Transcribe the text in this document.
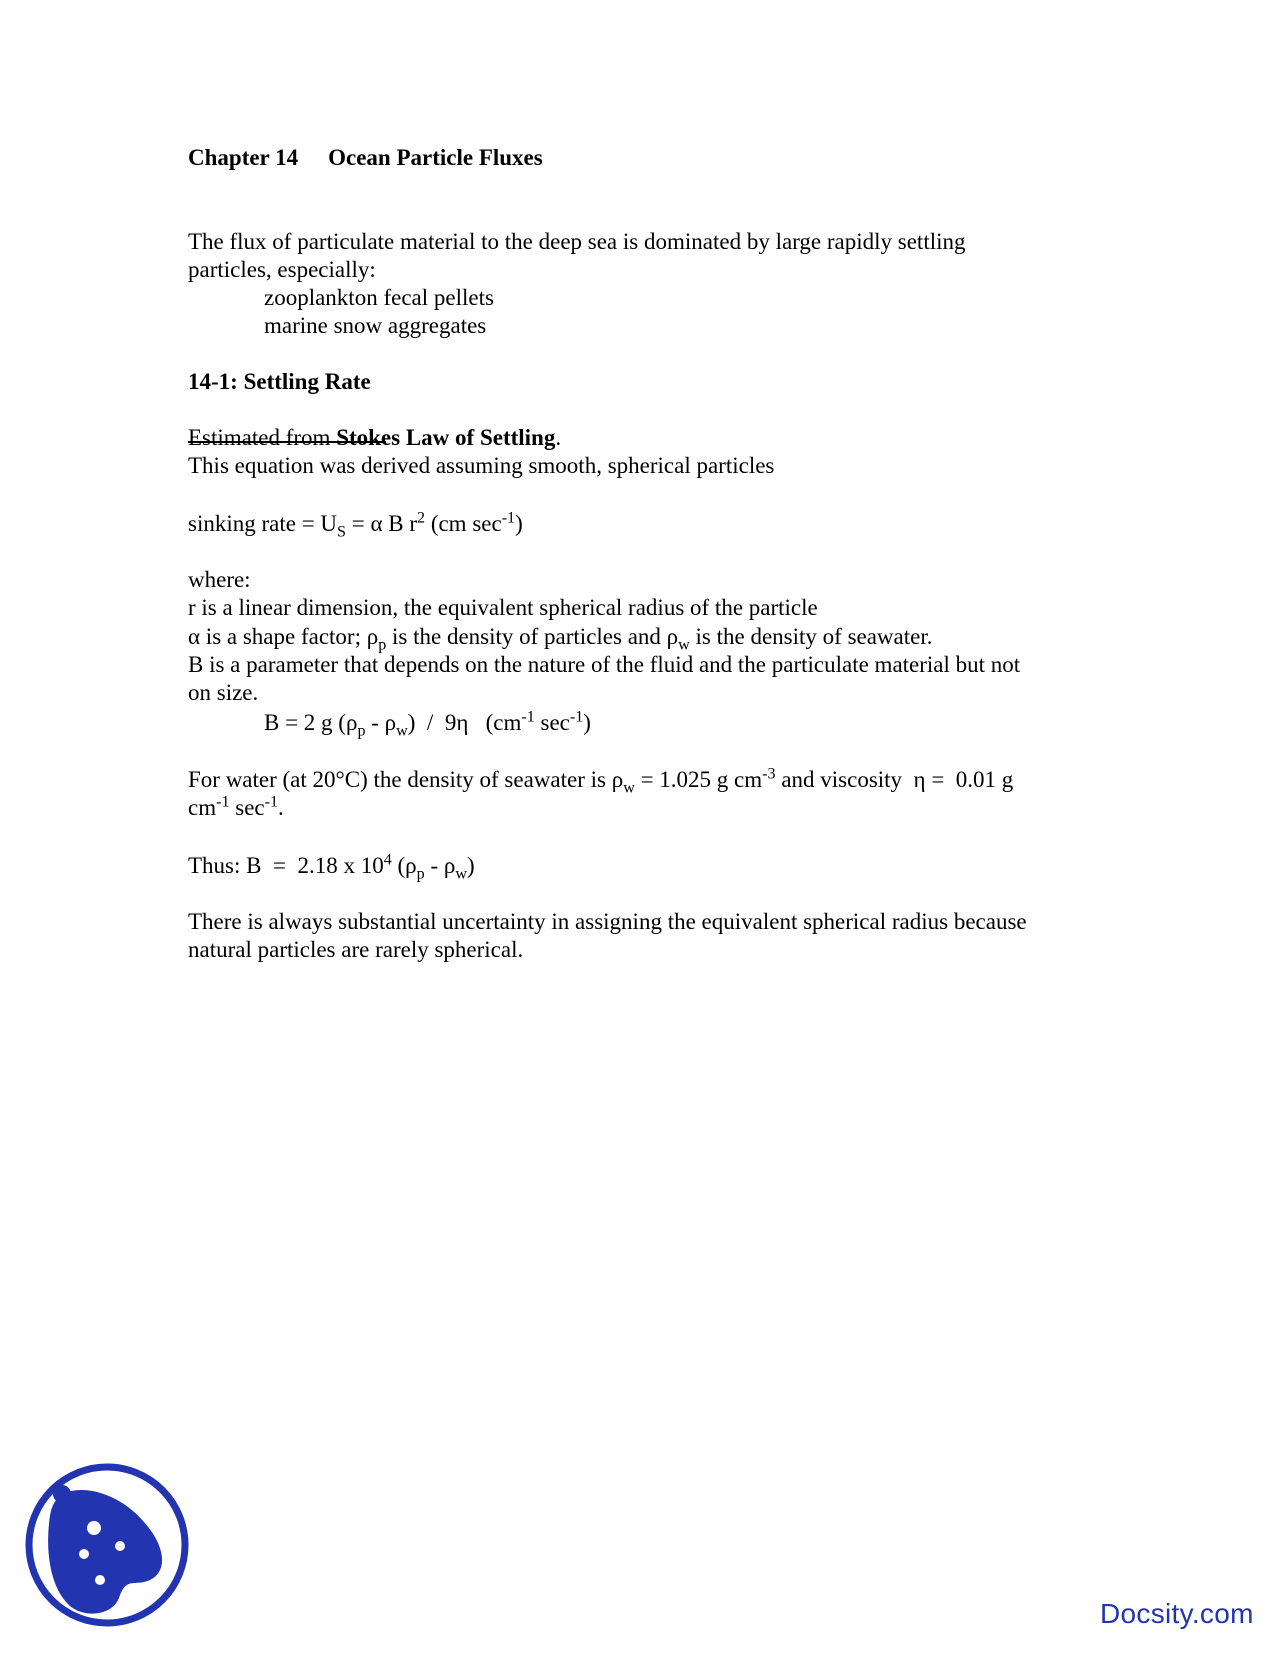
Chapter 14 Ocean Particle Fluxes
The flux of particulate material to the deep sea is dominated by large rapidly settling
particles, especially:
zooplankton fecal pellets
marine snow aggregates
14-1: Settling Rate
Estimated from Stokes Law of Settling.
This equation was derived assuming smooth, spherical particles
sinking rate = $U_S = \alpha$ B $r^2$ (cm $\sec^{-1}$)
where:
r is a linear dimension, the equivalent spherical radius of the particle
α is a shape factor; $\rho_p$ is the density of particles and $\rho_w$ is the density of seawater.
B is a parameter that depends on the nature of the fluid and the particulate material but not
on size.
B = 2 g $(\rho_p - \rho_w) / 9\eta$   ($cm^{-1}$ $\sec^{-1}$)
For water (at 20°C) the density of seawater is $\rho_w = 1.025$ g $cm^{-3}$ and viscosity  η =  0.01 g
$cm^{-1}$ $\sec^{-1}$.
Thus: B  =  2.18 x $10^4$ $(\rho_p - \rho_w)$
There is always substantial uncertainty in assigning the equivalent spherical radius because
natural particles are rarely spherical.
Docsity.com
